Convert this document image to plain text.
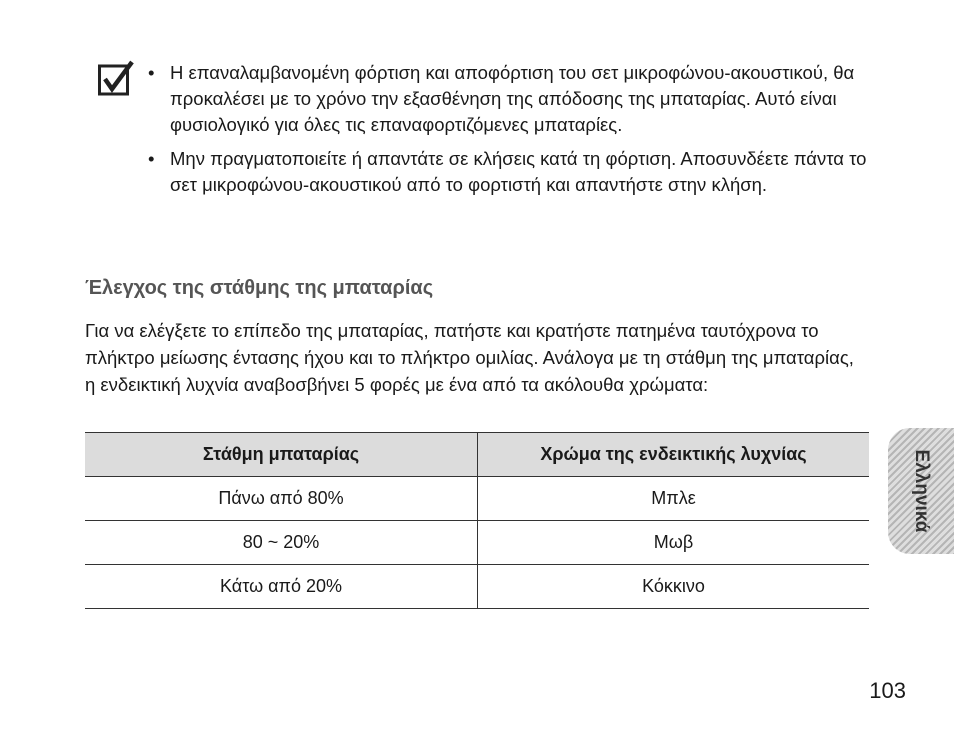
• Η επαναλαμβανομένη φόρτιση και αποφόρτιση του σετ μικροφώνου-ακουστικού, θα προκαλέσει με το χρόνο την εξασθένηση της απόδοσης της μπαταρίας. Αυτό είναι φυσιολογικό για όλες τις επαναφορτιζόμενες μπαταρίες.
• Μην πραγματοποιείτε ή απαντάτε σε κλήσεις κατά τη φόρτιση. Αποσυνδέετε πάντα το σετ μικροφώνου-ακουστικού από το φορτιστή και απαντήστε στην κλήση.
Έλεγχος της στάθμης της μπαταρίας

Για να ελέγξετε το επίπεδο της μπαταρίας, πατήστε και κρατήστε πατημένα ταυτόχρονα το πλήκτρο μείωσης έντασης ήχου και το πλήκτρο ομιλίας. Ανάλογα με τη στάθμη της μπαταρίας, η ενδεικτική λυχνία αναβοσβήνει 5 φορές με ένα από τα ακόλουθα χρώματα:

Στάθμη μπαταρίας	Χρώμα της ενδεικτικής λυχνίας
Πάνω από 80%	Μπλε
80 ~ 20%	Μωβ
Κάτω από 20%	Κόκκινο
Ελληνικά
103
